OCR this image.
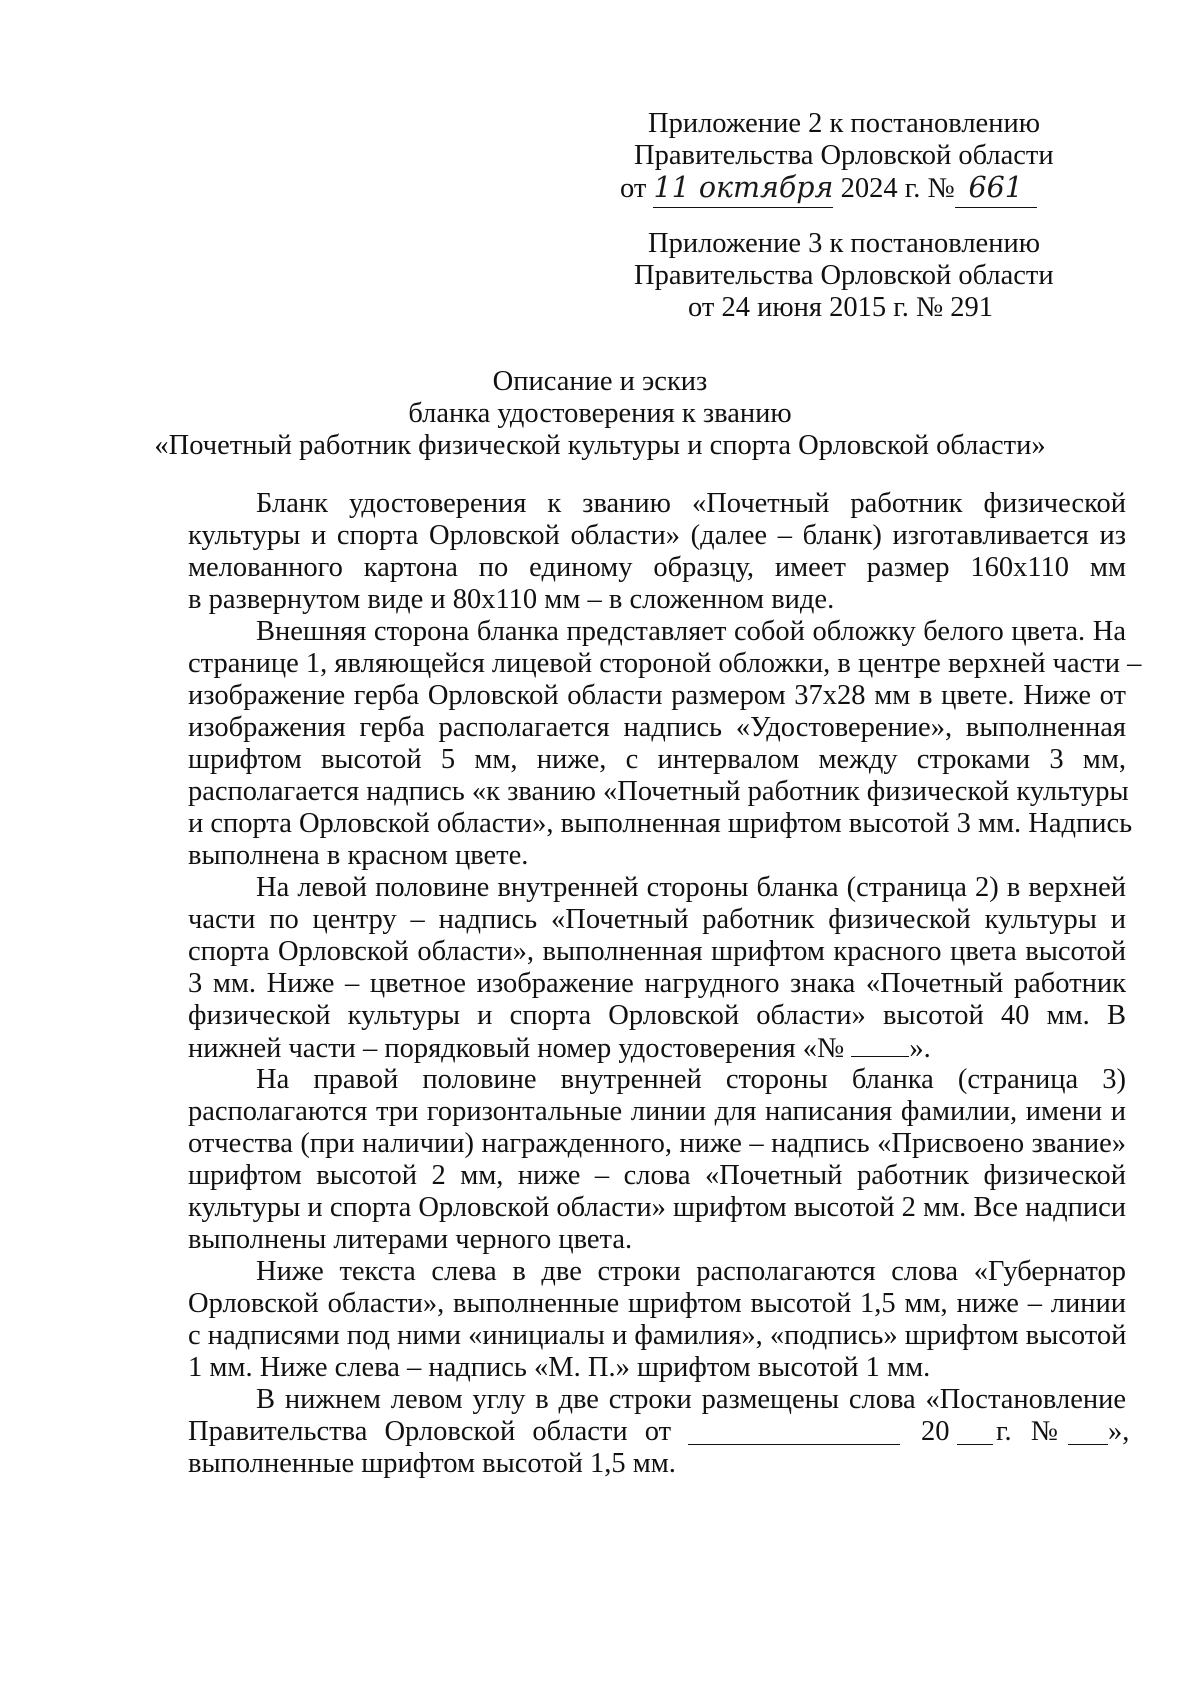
Приложение 2 к постановлению
Правительства Орловской области
от 11 октября 2024 г. № 661
Приложение 3 к постановлению
Правительства Орловской области
от 24 июня 2015 г. № 291
Описание и эскиз
бланка удостоверения к званию
«Почетный работник физической культуры и спорта Орловской области»
Бланк удостоверения к званию «Почетный работник физической
культуры и спорта Орловской области» (далее – бланк) изготавливается из
мелованного картона по единому образцу, имеет размер 160х110 мм
в развернутом виде и 80х110 мм – в сложенном виде.
Внешняя сторона бланка представляет собой обложку белого цвета. На
странице 1, являющейся лицевой стороной обложки, в центре верхней части –
изображение герба Орловской области размером 37х28 мм в цвете. Ниже от
изображения герба располагается надпись «Удостоверение», выполненная
шрифтом высотой 5 мм, ниже, с интервалом между строками 3 мм,
располагается надпись «к званию «Почетный работник физической культуры
и спорта Орловской области», выполненная шрифтом высотой 3 мм. Надпись
выполнена в красном цвете.
На левой половине внутренней стороны бланка (страница 2) в верхней
части по центру – надпись «Почетный работник физической культуры и
спорта Орловской области», выполненная шрифтом красного цвета высотой
3 мм. Ниже – цветное изображение нагрудного знака «Почетный работник
физической культуры и спорта Орловской области» высотой 40 мм. В
нижней части – порядковый номер удостоверения «№ ».
На правой половине внутренней стороны бланка (страница 3)
располагаются три горизонтальные линии для написания фамилии, имени и
отчества (при наличии) награжденного, ниже – надпись «Присвоено звание»
шрифтом высотой 2 мм, ниже – слова «Почетный работник физической
культуры и спорта Орловской области» шрифтом высотой 2 мм. Все надписи
выполнены литерами черного цвета.
Ниже текста слева в две строки располагаются слова «Губернатор
Орловской области», выполненные шрифтом высотой 1,5 мм, ниже – линии
с надписями под ними «инициалы и фамилия», «подпись» шрифтом высотой
1 мм. Ниже слева – надпись «М. П.» шрифтом высотой 1 мм.
В нижнем левом углу в две строки размещены слова «Постановление
Правительства Орловской области от	20 г. № »,
выполненные шрифтом высотой 1,5 мм.
